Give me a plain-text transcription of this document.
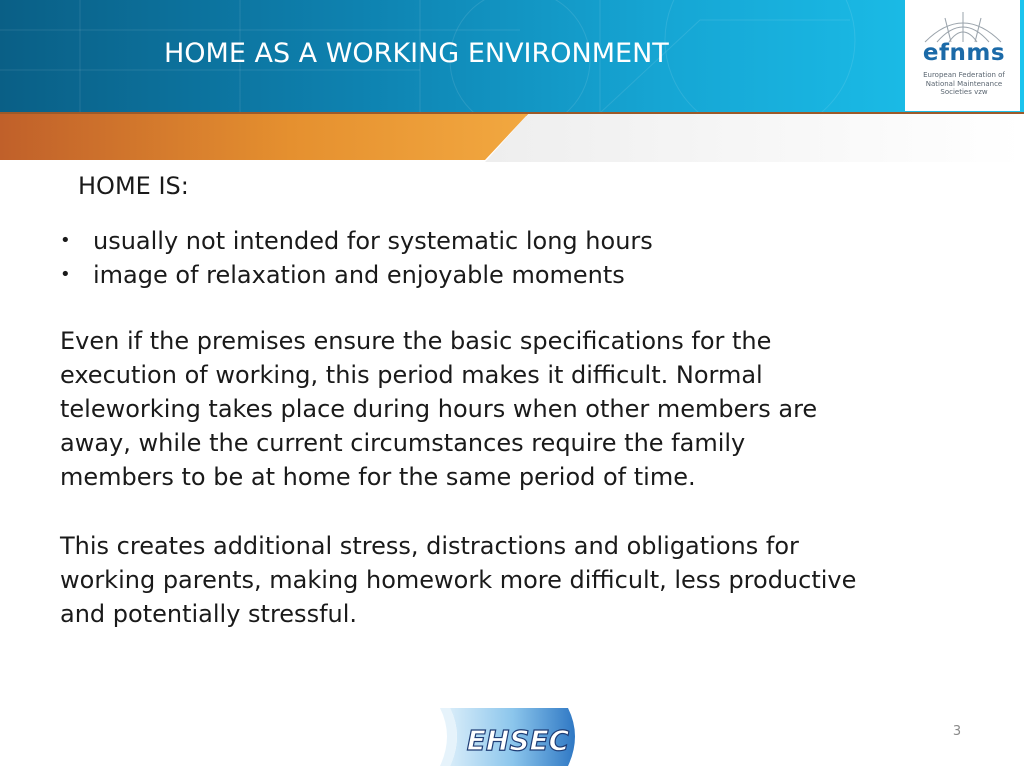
HOME AS A WORKING ENVIRONMENT	efnms
European Federation of
National Maintenance
Societies vzw
HOME IS:
• usually not intended for systematic long hours
• image of relaxation and enjoyable moments

Even if the premises ensure the basic specifications for the execution of working, this period makes it difficult. Normal teleworking takes place during hours when other members are away, while the current circumstances require the family members to be at home for the same period of time.

This creates additional stress, distractions and obligations for working parents, making homework more difficult, less productive and potentially stressful.

EHSEC	3
